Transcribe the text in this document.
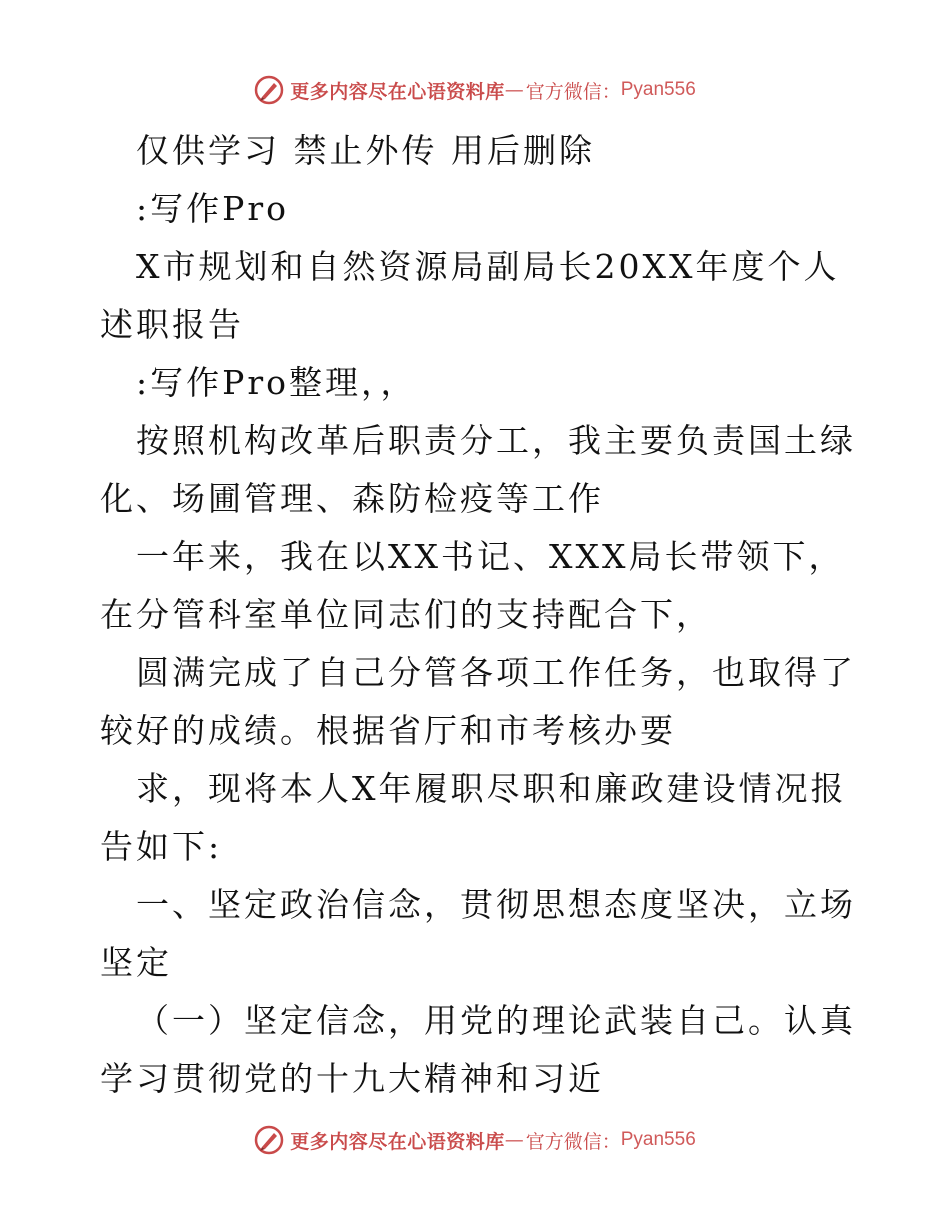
更多内容尽在心语资料库 — 官方微信： Pyan556

仅供学习 禁止外传 用后删除

:写作Pro

X市规划和自然资源局副局长20XX年度个人述职报告

:写作Pro整理，，

按照机构改革后职责分工，我主要负责国土绿化、场圃管理、森防检疫等工作

一年来，我在以XX书记、XXX局长带领下，在分管科室单位同志们的支持配合下，

圆满完成了自己分管各项工作任务，也取得了较好的成绩。根据省厅和市考核办要

求，现将本人X年履职尽职和廉政建设情况报告如下:

一、坚定政治信念，贯彻思想态度坚决，立场坚定

（一）坚定信念，用党的理论武装自己。认真学习贯彻党的十九大精神和习近

更多内容尽在心语资料库 — 官方微信： Pyan556
